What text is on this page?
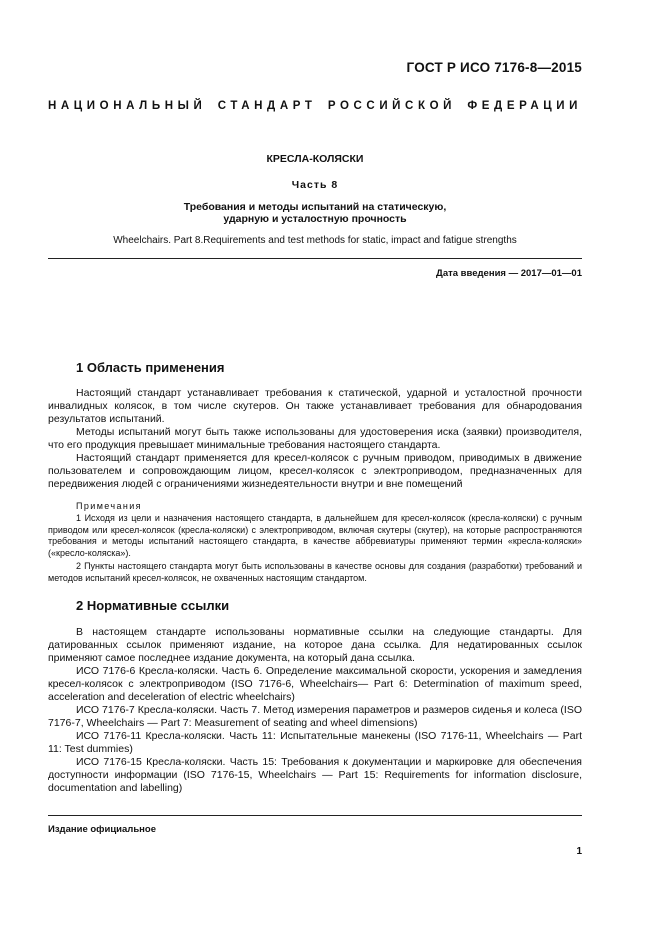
ГОСТ Р ИСО 7176-8—2015
НАЦИОНАЛЬНЫЙ СТАНДАРТ РОССИЙСКОЙ ФЕДЕРАЦИИ
КРЕСЛА-КОЛЯСКИ
Часть 8
Требования и методы испытаний на статическую,
ударную и усталостную прочность
Wheelchairs. Part 8.Requirements and test methods for static, impact and fatigue strengths
Дата введения — 2017—01—01
1 Область применения
Настоящий стандарт устанавливает требования к статической, ударной и усталостной прочности инвалидных колясок, в том числе скутеров. Он также устанавливает требования для обнародования результатов испытаний.
Методы испытаний могут быть также использованы для удостоверения иска (заявки) производителя, что его продукция превышает минимальные требования настоящего стандарта.
Настоящий стандарт применяется для кресел-колясок с ручным приводом, приводимых в движение пользователем и сопровождающим лицом, кресел-колясок с электроприводом, предназначенных для передвижения людей с ограничениями жизнедеятельности внутри и вне помещений
Примечания
1 Исходя из цели и назначения настоящего стандарта, в дальнейшем для кресел-колясок (кресла-коляски) с ручным приводом или кресел-колясок (кресла-коляски) с электроприводом, включая скутеры (скутер), на которые распространяются требования и методы испытаний настоящего стандарта, в качестве аббревиатуры применяют термин «кресла-коляски» («кресло-коляска»).
2 Пункты настоящего стандарта могут быть использованы в качестве основы для создания (разработки) требований и методов испытаний кресел-колясок, не охваченных настоящим стандартом.
2 Нормативные ссылки
В настоящем стандарте использованы нормативные ссылки на следующие стандарты. Для датированных ссылок применяют издание, на которое дана ссылка. Для недатированных ссылок применяют самое последнее издание документа, на который дана ссылка.
ИСО 7176-6 Кресла-коляски. Часть 6. Определение максимальной скорости, ускорения и замедления кресел-колясок с электроприводом (ISO 7176-6, Wheelchairs— Part 6: Determination of maximum speed, acceleration and deceleration of electric wheelchairs)
ИСО 7176-7 Кресла-коляски. Часть 7. Метод измерения параметров и размеров сиденья и колеса (ISO 7176-7, Wheelchairs — Part 7: Measurement of seating and wheel dimensions)
ИСО 7176-11 Кресла-коляски. Часть 11: Испытательные манекены (ISO 7176-11, Wheelchairs — Part 11: Test dummies)
ИСО 7176-15 Кресла-коляски. Часть 15: Требования к документации и маркировке для обеспечения доступности информации (ISO 7176-15, Wheelchairs — Part 15: Requirements for information disclosure, documentation and labelling)
Издание официальное
1
